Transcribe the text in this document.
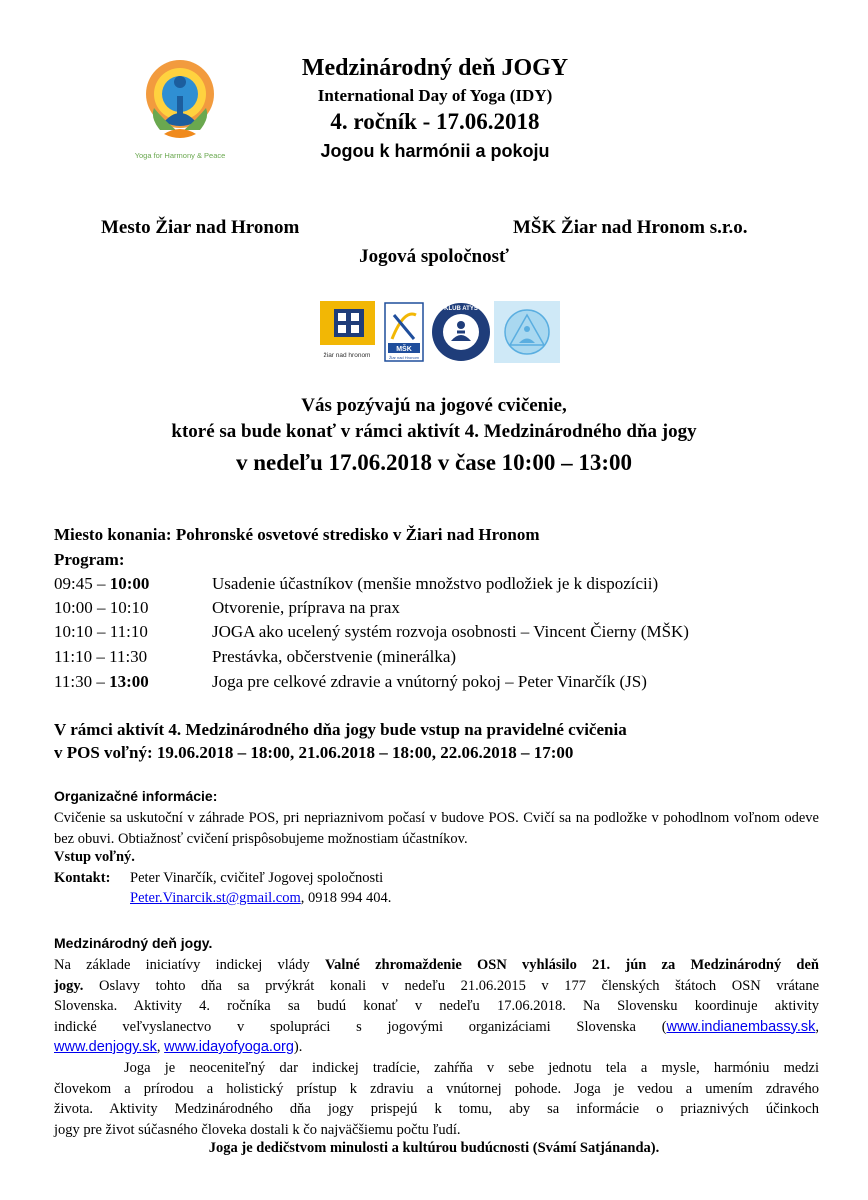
Yoga for Harmony & Peace
Medzinárodný deň JOGY
International Day of Yoga (IDY)
4. ročník - 17.06.2018
Jogou k harmónii a pokoju
Mesto Žiar nad Hronom	MŠK Žiar nad Hronom s.r.o.
Jogová spoločnosť
žiar nad hronom
MŠK
Žiar nad Hronom
KLUB ATYS
Vás pozývajú na jogové cvičenie,
ktoré sa bude konať v rámci aktivít 4. Medzinárodného dňa jogy
v nedeľu 17.06.2018 v čase 10:00 – 13:00
Miesto konania: Pohronské osvetové stredisko v Žiari nad Hronom
Program:
09:45 – 10:00	Usadenie účastníkov (menšie množstvo podložiek je k dispozícii)
10:00 – 10:10	Otvorenie, príprava na prax
10:10 – 11:10	JOGA ako ucelený systém rozvoja osobnosti – Vincent Čierny (MŠK)
11:10 – 11:30	Prestávka, občerstvenie (minerálka)
11:30 – 13:00	Joga pre celkové zdravie a vnútorný pokoj – Peter Vinarčík (JS)
V rámci aktivít 4. Medzinárodného dňa jogy bude vstup na pravidelné cvičenia
v POS voľný: 19.06.2018 – 18:00, 21.06.2018 – 18:00, 22.06.2018 – 17:00
Organizačné informácie:
Cvičenie sa uskutoční v záhrade POS, pri nepriaznivom počasí v budove POS. Cvičí sa na podložke v pohodlnom voľnom odeve bez obuvi. Obtiažnosť cvičení prispôsobujeme možnostiam účastníkov.
Vstup voľný.
Kontakt: Peter Vinarčík, cvičiteľ Jogovej spoločnosti
Peter.Vinarcik.st@gmail.com, 0918 994 404.
Medzinárodný deň jogy.
Na základe iniciatívy indickej vlády Valné zhromaždenie OSN vyhlásilo 21. jún za Medzinárodný deň
jogy. Oslavy tohto dňa sa prvýkrát konali v nedeľu 21.06.2015 v 177 členských štátoch OSN vrátane
Slovenska. Aktivity 4. ročníka sa budú konať v nedeľu 17.06.2018. Na Slovensku koordinuje aktivity
indické veľvyslanectvo v spolupráci s jogovými organizáciami Slovenska (www.indianembassy.sk,
www.denjogy.sk, www.idayofyoga.org).
Joga je neoceniteľný dar indickej tradície, zahŕňa v sebe jednotu tela a mysle, harmóniu medzi
človekom a prírodou a holistický prístup k zdraviu a vnútornej pohode. Joga je vedou a umením zdravého
života. Aktivity Medzinárodného dňa jogy prispejú k tomu, aby sa informácie o priaznivých účinkoch
jogy pre život súčasného človeka dostali k čo najväčšiemu počtu ľudí.
Joga je dedičstvom minulosti a kultúrou budúcnosti (Svámí Satjánanda).
